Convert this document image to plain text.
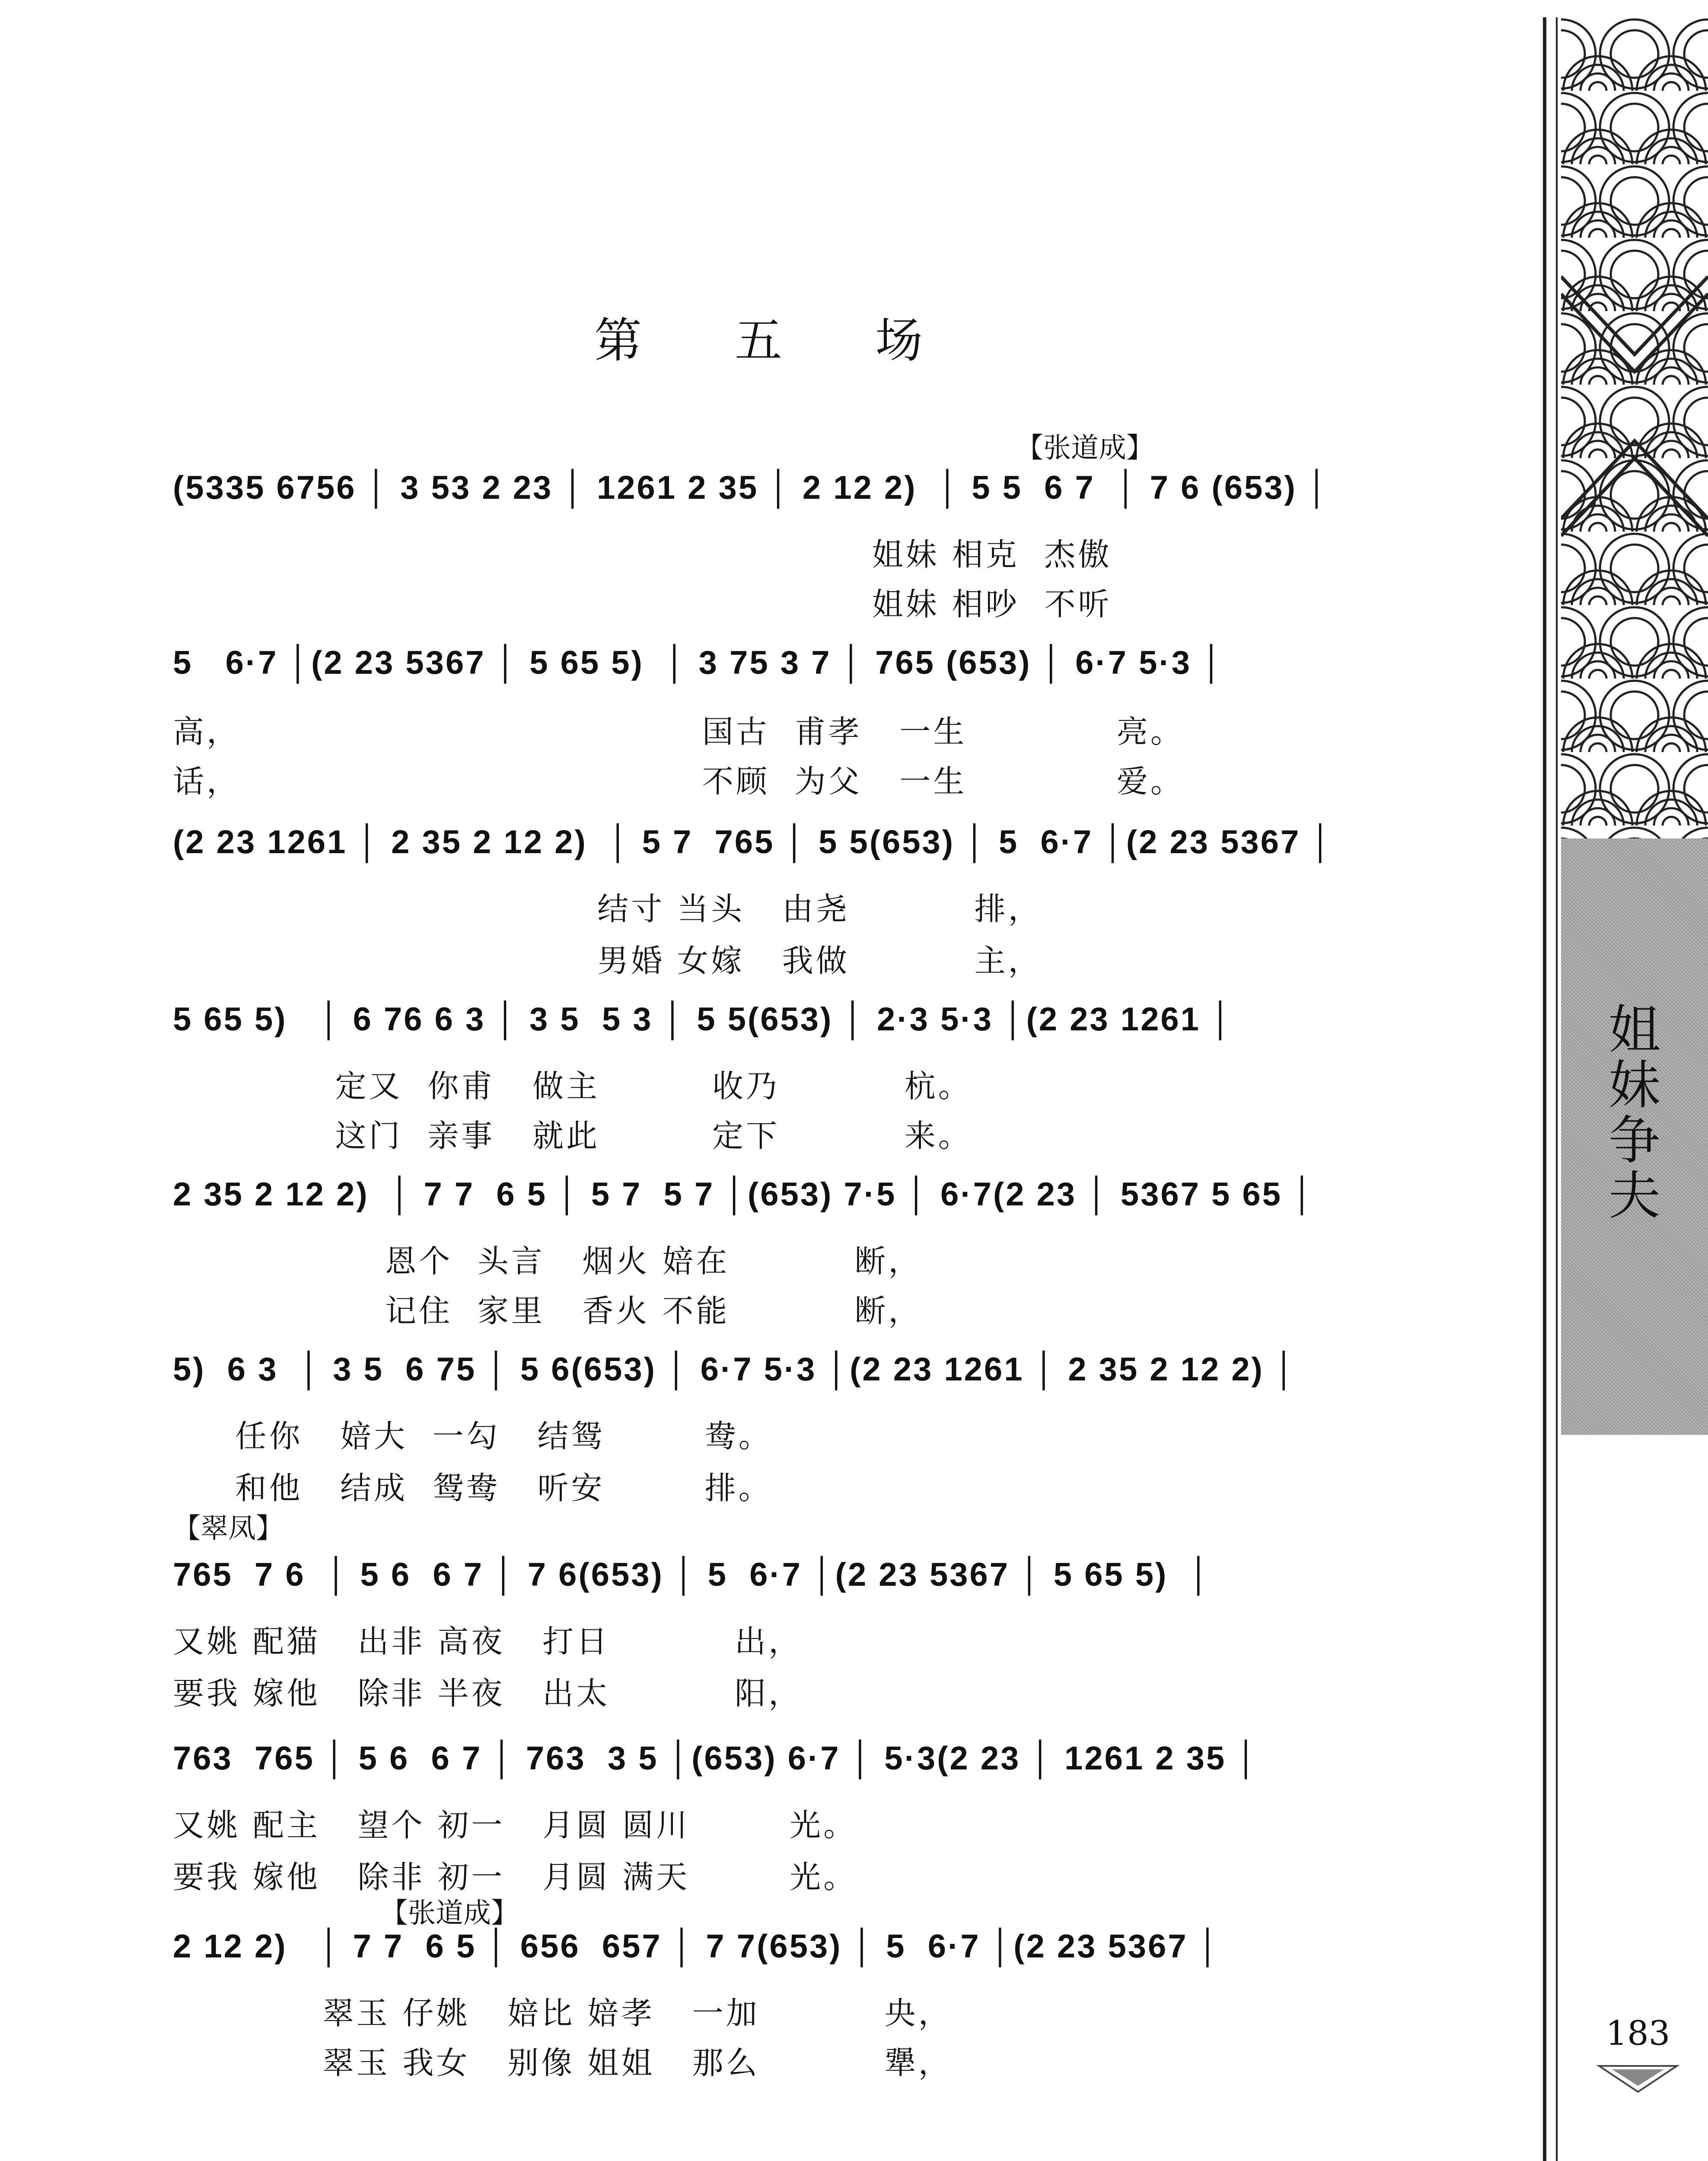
第 五 场
【张道成】
(5335 6756 │ 3 53 2 23 │ 1261 2 35 │ 2 12 2)  │ 5 5  6 7  │ 7 6 (653) │
姐妹 相克  杰傲
姐妹 相吵  不听
5   6·7 │(2 23 5367 │ 5 65 5)  │ 3 75 3 7 │ 765 (653) │ 6·7 5·3 │
高，                                     国古  甫孝   一生            亮。
话，                                     不顾  为父   一生            爱。
(2 23 1261 │ 2 35 2 12 2)  │ 5 7  765 │ 5 5(653) │ 5  6·7 │(2 23 5367 │
结寸 当头   由尧          排，
男婚 女嫁   我做          主，
5 65 5)   │ 6 76 6 3 │ 3 5  5 3 │ 5 5(653) │ 2·3 5·3 │(2 23 1261 │
定又  你甫   做主         收乃          杭。
这门  亲事   就此         定下          来。
2 35 2 12 2)  │ 7 7  6 5 │ 5 7  5 7 │(653) 7·5 │ 6·7(2 23 │ 5367 5 65 │
恩个  头言   烟火 婄在          断，
记住  家里   香火 不能          断，
5)  6 3  │ 3 5  6 75 │ 5 6(653) │ 6·7 5·3 │(2 23 1261 │ 2 35 2 12 2) │
任你   婄大  一勾   结鸳        鸯。
和他   结成  鸳鸯   听安        排。
【翠凤】
765  7 6  │ 5 6  6 7 │ 7 6(653) │ 5  6·7 │(2 23 5367 │ 5 65 5)  │
又姚 配猫   出非 高夜   打日          出，
要我 嫁他   除非 半夜   出太          阳，
763  765 │ 5 6  6 7 │ 763  3 5 │(653) 6·7 │ 5·3(2 23 │ 1261 2 35 │
又姚 配主   望个 初一   月圆 圆川        光。
要我 嫁他   除非 初一   月圆 满天        光。
【张道成】
2 12 2)   │ 7 7  6 5 │ 656  657 │ 7 7(653) │ 5  6·7 │(2 23 5367 │
翠玉 仔姚   婄比 婄孝   一加          央，
翠玉 我女   别像 姐姐   那么          犟，
姐妹争夫
183
